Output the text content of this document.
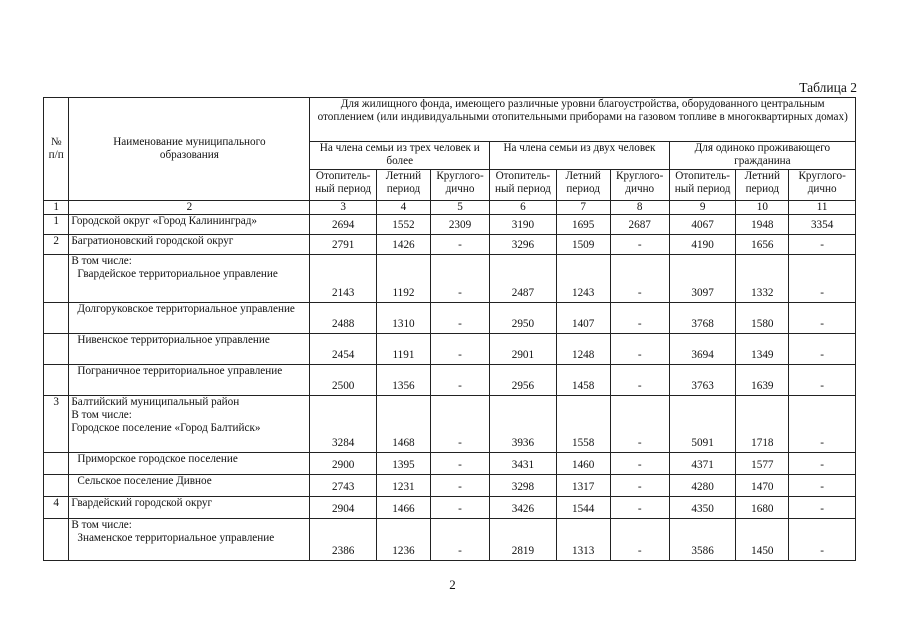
Таблица 2
№ п/п	Наименование муниципального образования	Для жилищного фонда, имеющего различные уровни благоустройства, оборудованного центральным отоплением (или индивидуальными отопительными приборами на газовом топливе в многоквартирных домах)								
		На члена семьи из трех человек и более			На члена семьи из двух человек			Для одиноко проживающего гражданина		
		Отопитель-ный период	Летний период	Круглого-дично	Отопитель-ный период	Летний период	Круглого-дично	Отопитель-ный период	Летний период	Круглого-дично
1	2	3	4	5	6	7	8	9	10	11
1	Городской округ «Город Калининград»	2694	1552	2309	3190	1695	2687	4067	1948	3354
2	Багратионовский городской округ	2791	1426	-	3296	1509	-	4190	1656	-

	В том числе:
Гвардейское территориальное управление	2143	1192	-	2487	1243	-	3097	1332	-

	Долгоруковское территориальное управление	2488	1310	-	2950	1407	-	3768	1580	-

	Нивенское территориальное управление	2454	1191	-	2901	1248	-	3694	1349	-

	Пограничное территориальное управление	2500	1356	-	2956	1458	-	3763	1639	-
3	Балтийский муниципальный район
В том числе:
Городское поселение «Город Балтийск»	3284	1468	-	3936	1558	-	5091	1718	-

	Приморское городское поселение	2900	1395	-	3431	1460	-	4371	1577	-

	Сельское поселение Дивное	2743	1231	-	3298	1317	-	4280	1470	-
4	Гвардейский городской округ	2904	1466	-	3426	1544	-	4350	1680	-

	В том числе:
Знаменское территориальное управление	2386	1236	-	2819	1313	-	3586	1450	-
2
